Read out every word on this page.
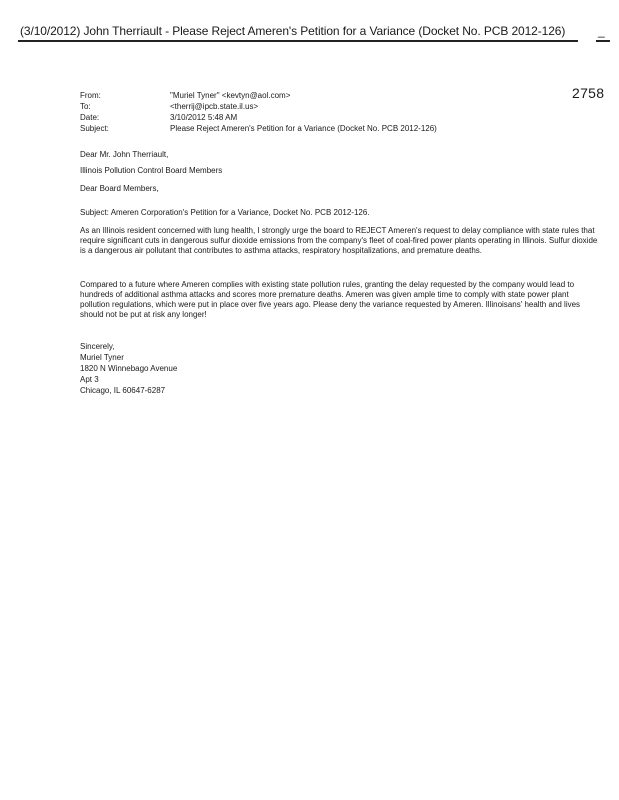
(3/10/2012) John Therriault - Please Reject Ameren's Petition for a Variance (Docket No. PCB 2012-126)	_
2758
From:	"Muriel Tyner" <kevtyn@aol.com>
To:	<therrij@ipcb.state.il.us>
Date:	3/10/2012 5:48 AM
Subject:	Please Reject Ameren's Petition for a Variance (Docket No. PCB 2012-126)
Dear Mr. John Therriault,
Illinois Pollution Control Board Members
Dear Board Members,
Subject: Ameren Corporation's Petition for a Variance, Docket No. PCB 2012-126.
As an Illinois resident concerned with lung health, I strongly urge the board to REJECT Ameren's request to delay compliance with state rules that require significant cuts in dangerous sulfur dioxide emissions from the company's fleet of coal-fired power plants operating in Illinois. Sulfur dioxide is a dangerous air pollutant that contributes to asthma attacks, respiratory hospitalizations, and premature deaths.
Compared to a future where Ameren complies with existing state pollution rules, granting the delay requested by the company would lead to hundreds of additional asthma attacks and scores more premature deaths. Ameren was given ample time to comply with state power plant pollution regulations, which were put in place over five years ago. Please deny the variance requested by Ameren. Illinoisans' health and lives should not be put at risk any longer!
Sincerely,
Muriel Tyner
1820 N Winnebago Avenue
Apt 3
Chicago, IL 60647-6287
